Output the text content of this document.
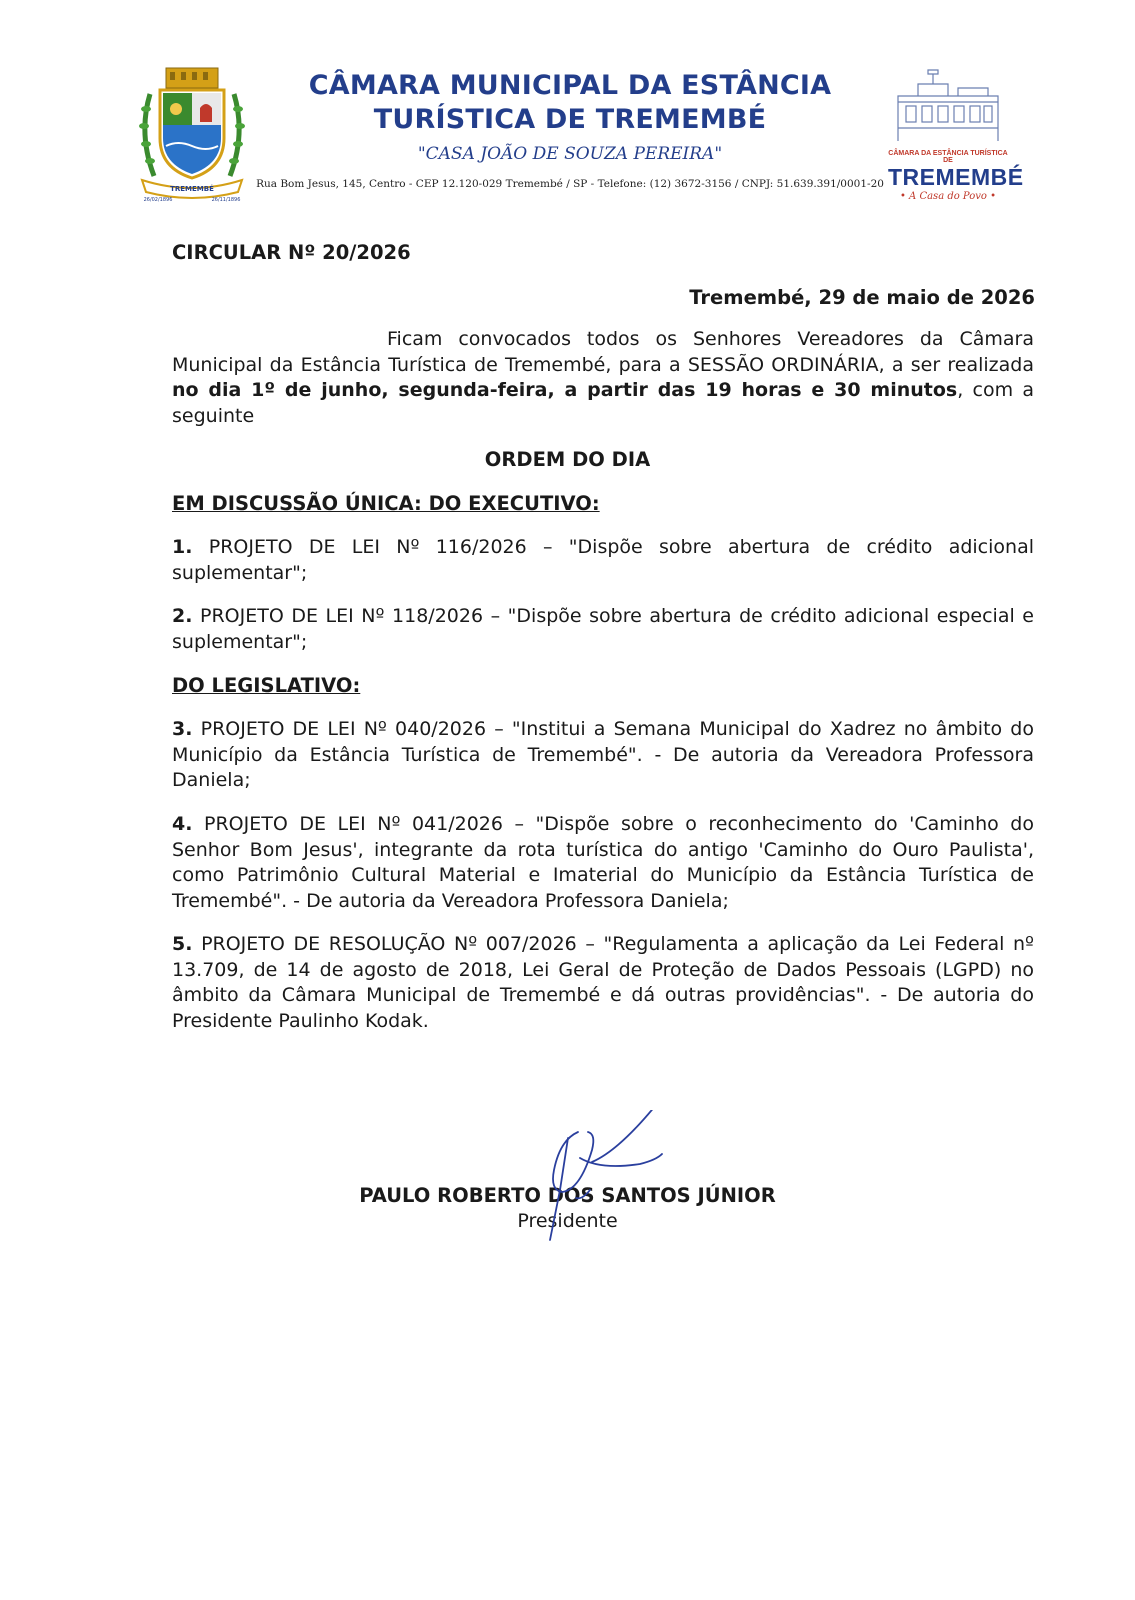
TREMEMBÉ
26/02/1896	26/11/1896
CÂMARA MUNICIPAL DA ESTÂNCIA
TURÍSTICA DE TREMEMBÉ
"CASA JOÃO DE SOUZA PEREIRA"
Rua Bom Jesus, 145, Centro - CEP 12.120-029 Tremembé / SP - Telefone: (12) 3672-3156 / CNPJ: 51.639.391/0001-20
CÂMARA DA ESTÂNCIA TURÍSTICA DE
TREMEMBÉ
• A Casa do Povo •
CIRCULAR Nº 20/2026
Tremembé, 29 de maio de 2026

Ficam convocados todos os Senhores Vereadores da Câmara Municipal da Estância Turística de Tremembé, para a SESSÃO ORDINÁRIA, a ser realizada no dia 1º de junho, segunda-feira, a partir das 19 horas e 30 minutos, com a seguinte

ORDEM DO DIA
EM DISCUSSÃO ÚNICA: DO EXECUTIVO:

1. PROJETO DE LEI Nº 116/2026 – "Dispõe sobre abertura de crédito adicional suplementar";

2. PROJETO DE LEI Nº 118/2026 – "Dispõe sobre abertura de crédito adicional especial e suplementar";

DO LEGISLATIVO:

3. PROJETO DE LEI Nº 040/2026 – "Institui a Semana Municipal do Xadrez no âmbito do Município da Estância Turística de Tremembé". - De autoria da Vereadora Professora Daniela;

4. PROJETO DE LEI Nº 041/2026 – "Dispõe sobre o reconhecimento do 'Caminho do Senhor Bom Jesus', integrante da rota turística do antigo 'Caminho do Ouro Paulista', como Patrimônio Cultural Material e Imaterial do Município da Estância Turística de Tremembé". - De autoria da Vereadora Professora Daniela;

5. PROJETO DE RESOLUÇÃO Nº 007/2026 – "Regulamenta a aplicação da Lei Federal nº 13.709, de 14 de agosto de 2018, Lei Geral de Proteção de Dados Pessoais (LGPD) no âmbito da Câmara Municipal de Tremembé e dá outras providências". - De autoria do Presidente Paulinho Kodak.

PAULO ROBERTO DOS SANTOS JÚNIOR
Presidente
